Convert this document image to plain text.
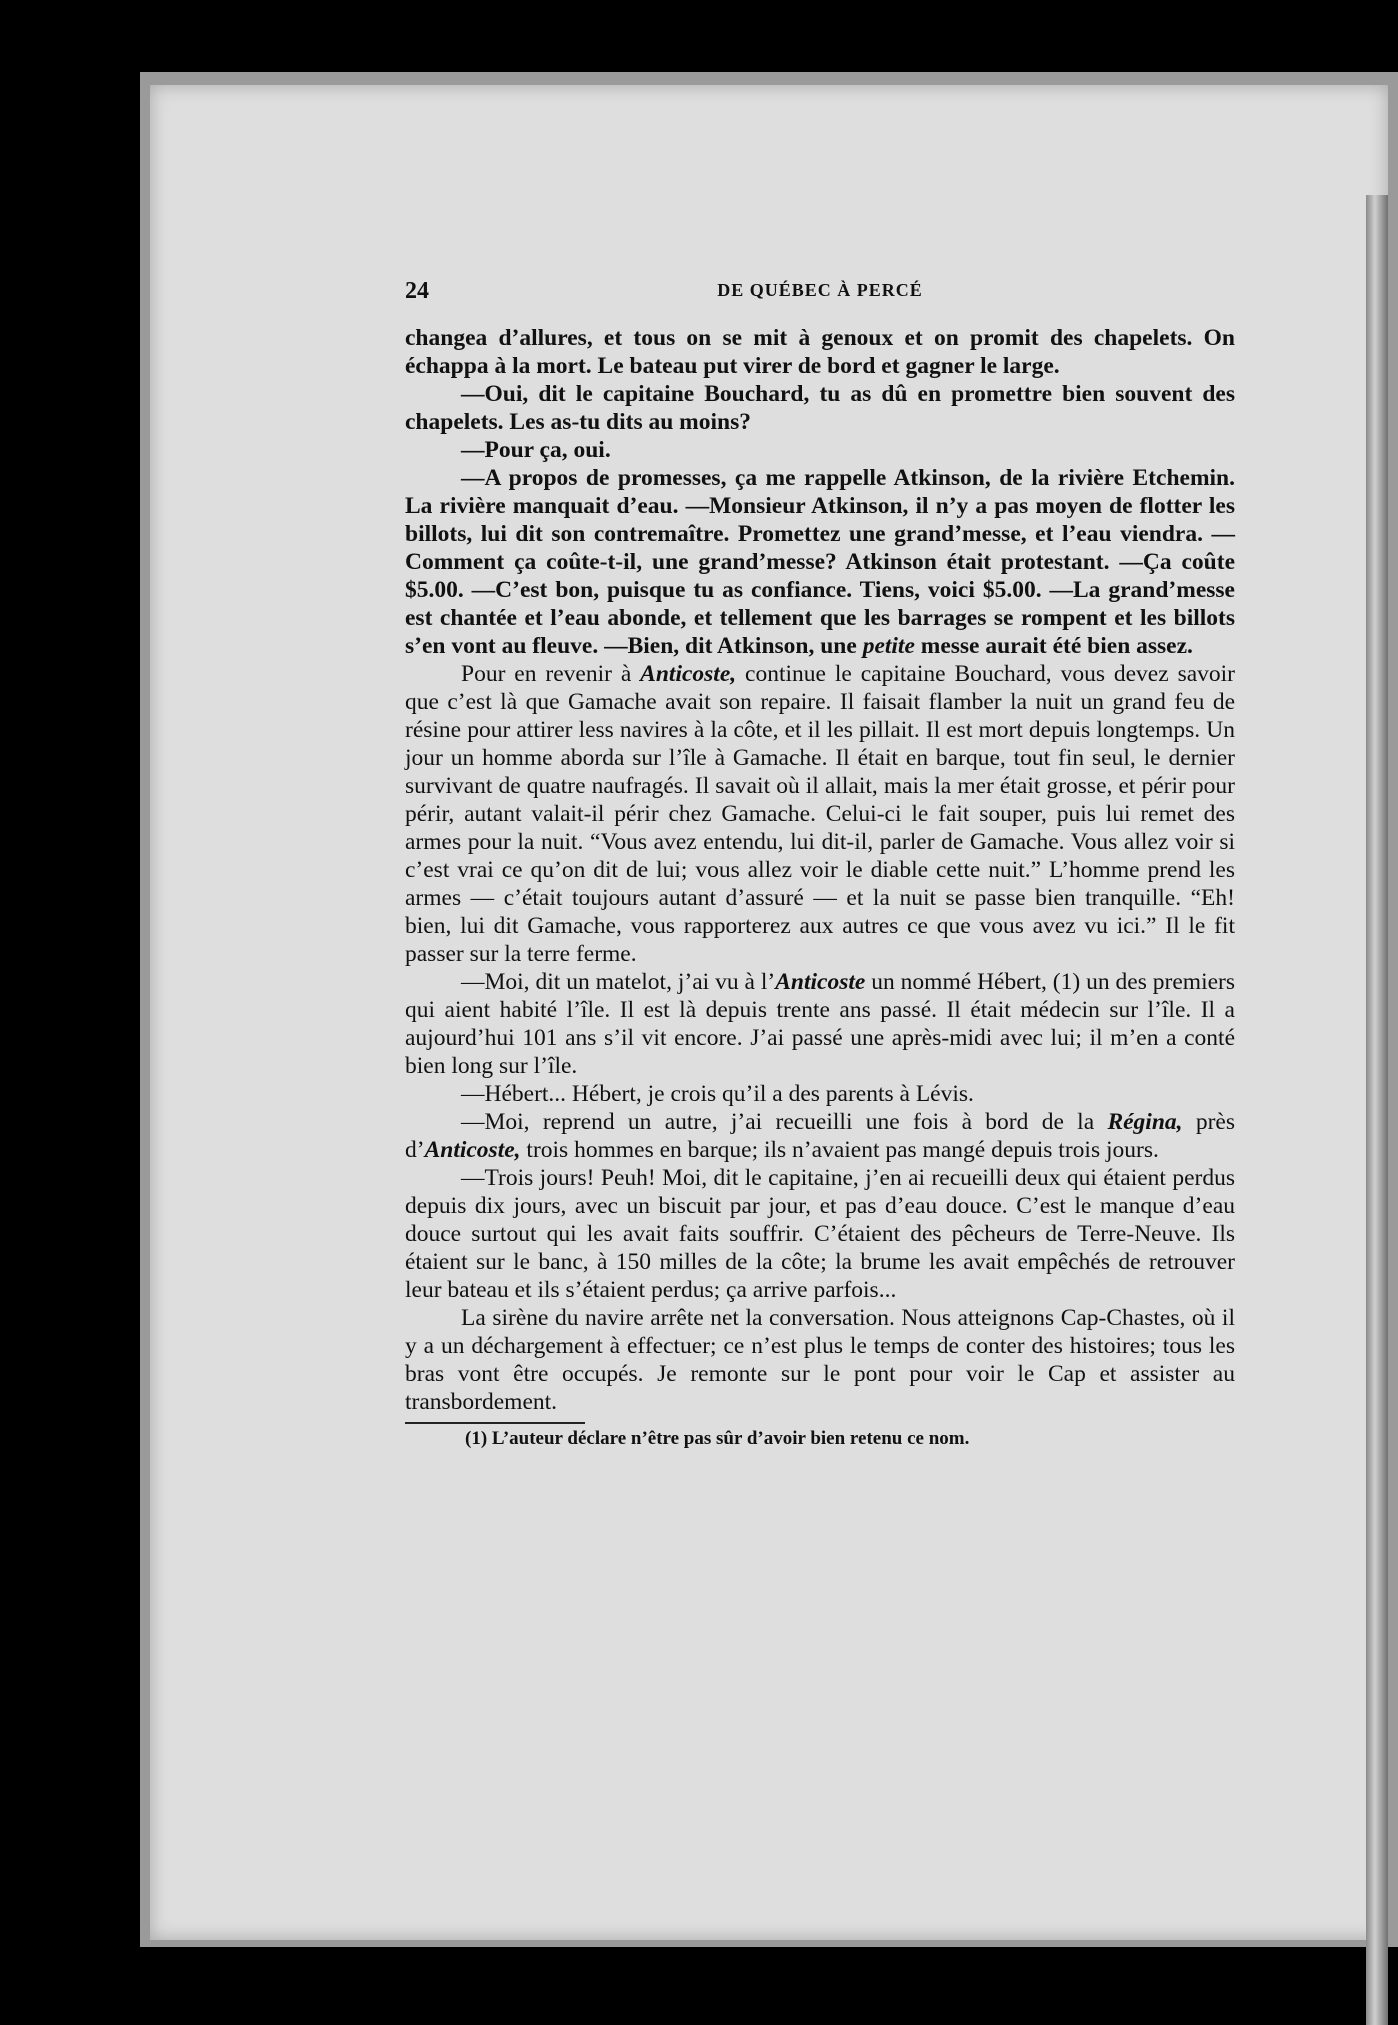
24	DE QUÉBEC À PERCÉ

changea d’allures, et tous on se mit à genoux et on promit des chapelets. On échappa à la mort. Le bateau put virer de bord et gagner le large.

—Oui, dit le capitaine Bouchard, tu as dû en promettre bien souvent des chapelets. Les as-tu dits au moins?

—Pour ça, oui.

—A propos de promesses, ça me rappelle Atkinson, de la rivière Etchemin. La rivière manquait d’eau. —Monsieur Atkinson, il n’y a pas moyen de flotter les billots, lui dit son contremaître. Promettez une grand’messe, et l’eau viendra. —Comment ça coûte-t-il, une grand’messe? Atkinson était protestant. —Ça coûte $5.00. —C’est bon, puisque tu as confiance. Tiens, voici $5.00. —La grand’messe est chantée et l’eau abonde, et tellement que les barrages se rompent et les billots s’en vont au fleuve. —Bien, dit Atkinson, une petite messe aurait été bien assez.

Pour en revenir à Anticoste, continue le capitaine Bouchard, vous devez savoir que c’est là que Gamache avait son repaire. Il faisait flamber la nuit un grand feu de résine pour attirer less navires à la côte, et il les pillait. Il est mort depuis longtemps. Un jour un homme aborda sur l’île à Gamache. Il était en barque, tout fin seul, le dernier survivant de quatre naufragés. Il savait où il allait, mais la mer était grosse, et périr pour périr, autant valait-il périr chez Gamache. Celui-ci le fait souper, puis lui remet des armes pour la nuit. “Vous avez entendu, lui dit-il, parler de Gamache. Vous allez voir si c’est vrai ce qu’on dit de lui; vous allez voir le diable cette nuit.” L’homme prend les armes — c’était toujours autant d’assuré — et la nuit se passe bien tranquille. “Eh! bien, lui dit Gamache, vous rapporterez aux autres ce que vous avez vu ici.” Il le fit passer sur la terre ferme.

—Moi, dit un matelot, j’ai vu à l’Anticoste un nommé Hébert, (1) un des premiers qui aient habité l’île. Il est là depuis trente ans passé. Il était médecin sur l’île. Il a aujourd’hui 101 ans s’il vit encore. J’ai passé une après-midi avec lui; il m’en a conté bien long sur l’île.

—Hébert... Hébert, je crois qu’il a des parents à Lévis.

—Moi, reprend un autre, j’ai recueilli une fois à bord de la Régina, près d’Anticoste, trois hommes en barque; ils n’avaient pas mangé depuis trois jours.

—Trois jours! Peuh! Moi, dit le capitaine, j’en ai recueilli deux qui étaient perdus depuis dix jours, avec un biscuit par jour, et pas d’eau douce. C’est le manque d’eau douce surtout qui les avait faits souffrir. C’étaient des pêcheurs de Terre-Neuve. Ils étaient sur le banc, à 150 milles de la côte; la brume les avait empêchés de retrouver leur bateau et ils s’étaient perdus; ça arrive parfois...

La sirène du navire arrête net la conversation. Nous atteignons Cap-Chastes, où il y a un déchargement à effectuer; ce n’est plus le temps de conter des histoires; tous les bras vont être occupés. Je remonte sur le pont pour voir le Cap et assister au transbordement.

(1) L’auteur déclare n’être pas sûr d’avoir bien retenu ce nom.
